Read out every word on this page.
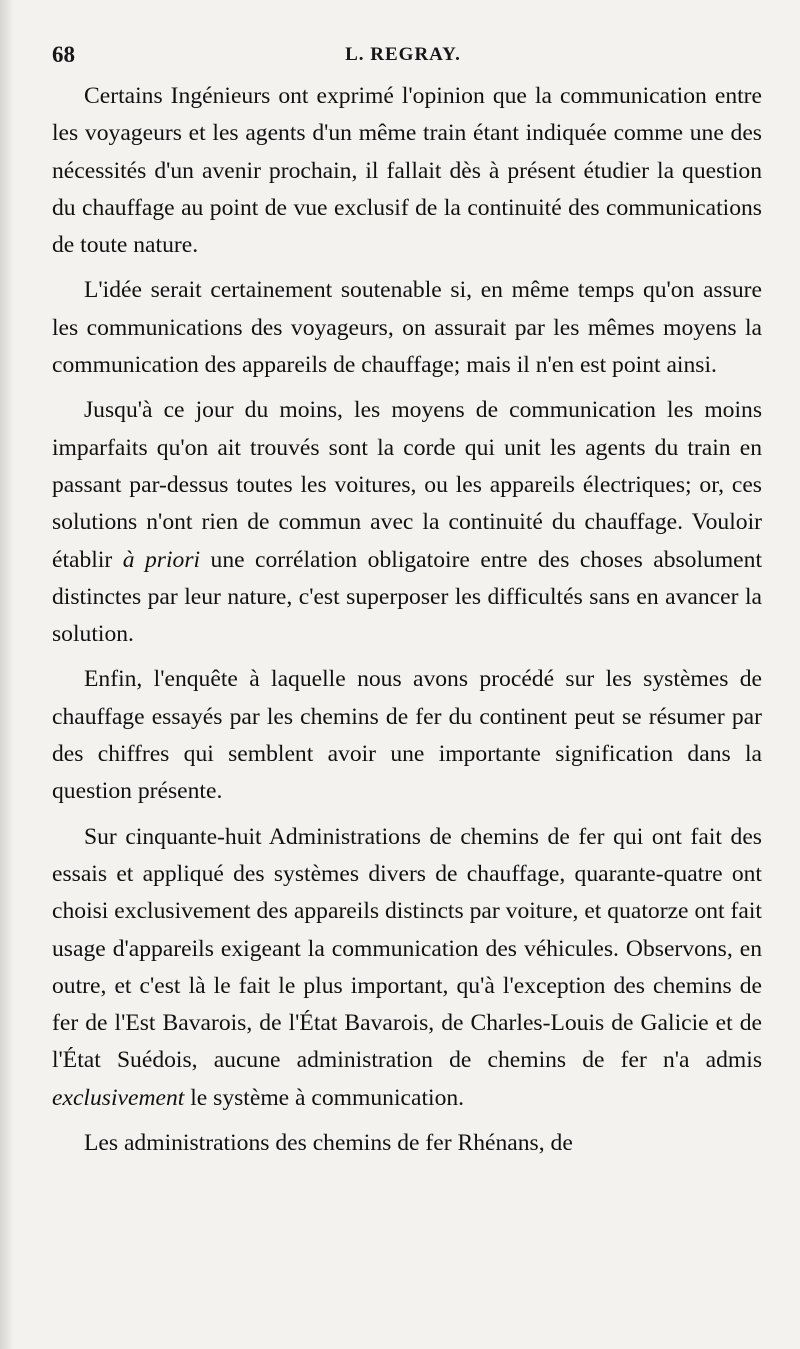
68	L. REGRAY.

Certains Ingénieurs ont exprimé l'opinion que la communication entre les voyageurs et les agents d'un même train étant indiquée comme une des nécessités d'un avenir prochain, il fallait dès à présent étudier la question du chauffage au point de vue exclusif de la continuité des communications de toute nature.

L'idée serait certainement soutenable si, en même temps qu'on assure les communications des voyageurs, on assurait par les mêmes moyens la communication des appareils de chauffage; mais il n'en est point ainsi.

Jusqu'à ce jour du moins, les moyens de communication les moins imparfaits qu'on ait trouvés sont la corde qui unit les agents du train en passant par-dessus toutes les voitures, ou les appareils électriques; or, ces solutions n'ont rien de commun avec la continuité du chauffage. Vouloir établir à priori une corrélation obligatoire entre des choses absolument distinctes par leur nature, c'est superposer les difficultés sans en avancer la solution.

Enfin, l'enquête à laquelle nous avons procédé sur les systèmes de chauffage essayés par les chemins de fer du continent peut se résumer par des chiffres qui semblent avoir une importante signification dans la question présente.

Sur cinquante-huit Administrations de chemins de fer qui ont fait des essais et appliqué des systèmes divers de chauffage, quarante-quatre ont choisi exclusivement des appareils distincts par voiture, et quatorze ont fait usage d'appareils exigeant la communication des véhicules. Observons, en outre, et c'est là le fait le plus important, qu'à l'exception des chemins de fer de l'Est Bavarois, de l'État Bavarois, de Charles-Louis de Galicie et de l'État Suédois, aucune administration de chemins de fer n'a admis exclusivement le système à communication.

Les administrations des chemins de fer Rhénans, de
